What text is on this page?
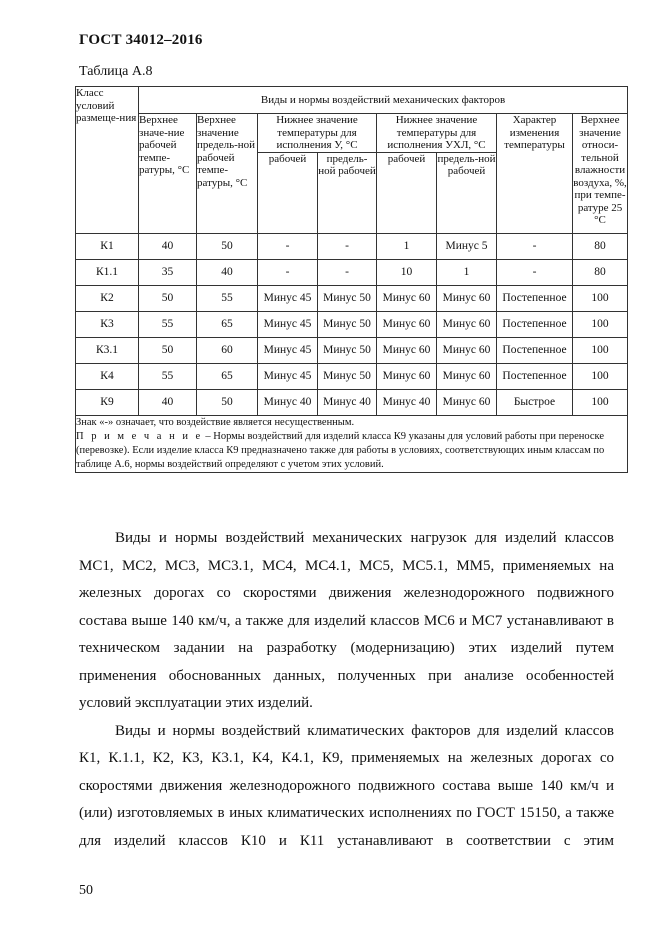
ГОСТ 34012–2016
Таблица А.8
Класс условий размеще-ния	Виды и нормы воздействий механических факторов							
	Верхнее значе-ние рабочей темпе-ратуры, °С	Верхнее значение предель-ной рабочей темпе-ратуры, °С	Нижнее значение температуры для исполнения У, °С		Нижнее значение температуры для исполнения УХЛ, °С		Характер изменения температуры	Верхнее значение относи-тельной влажности воздуха, %, при темпе-ратуре 25 °С
			рабочей	предель-ной рабочей	рабочей	предель-ной рабочей		
К1	40	50	-	-	1	Минус 5	-	80
К1.1	35	40	-	-	10	1	-	80
К2	50	55	Минус 45	Минус 50	Минус 60	Минус 60	Постепенное	100
К3	55	65	Минус 45	Минус 50	Минус 60	Минус 60	Постепенное	100
К3.1	50	60	Минус 45	Минус 50	Минус 60	Минус 60	Постепенное	100
К4	55	65	Минус 45	Минус 50	Минус 60	Минус 60	Постепенное	100
К9	40	50	Минус 40	Минус 40	Минус 40	Минус 60	Быстрое	100

Знак «-» означает, что воздействие является несущественным.

П р и м е ч а н и е – Нормы воздействий для изделий класса К9 указаны для условий работы при переноске (перевозке). Если изделие класса К9 предназначено также для работы в условиях, соответствующих иным классам по таблице А.6, нормы воздействий определяют с учетом этих условий.								

Виды и нормы воздействий механических нагрузок для изделий классов МС1, МС2, МС3, МС3.1, МС4, МС4.1, МС5, МС5.1, ММ5, применяемых на железных дорогах со скоростями движения железнодорожного подвижного состава выше 140 км/ч, а также для изделий классов МС6 и МС7 устанавливают в техническом задании на разработку (модернизацию) этих изделий путем применения обоснованных данных, полученных при анализе особенностей условий эксплуатации этих изделий.

Виды и нормы воздействий климатических факторов для изделий классов К1, К.1.1, К2, К3, К3.1, К4, К4.1, К9, применяемых на железных дорогах со скоростями движения железнодорожного подвижного состава выше 140 км/ч и (или) изготовляемых в иных климатических исполнениях по ГОСТ 15150, а также для изделий классов К10 и К11 устанавливают в соответствии с этим

50
